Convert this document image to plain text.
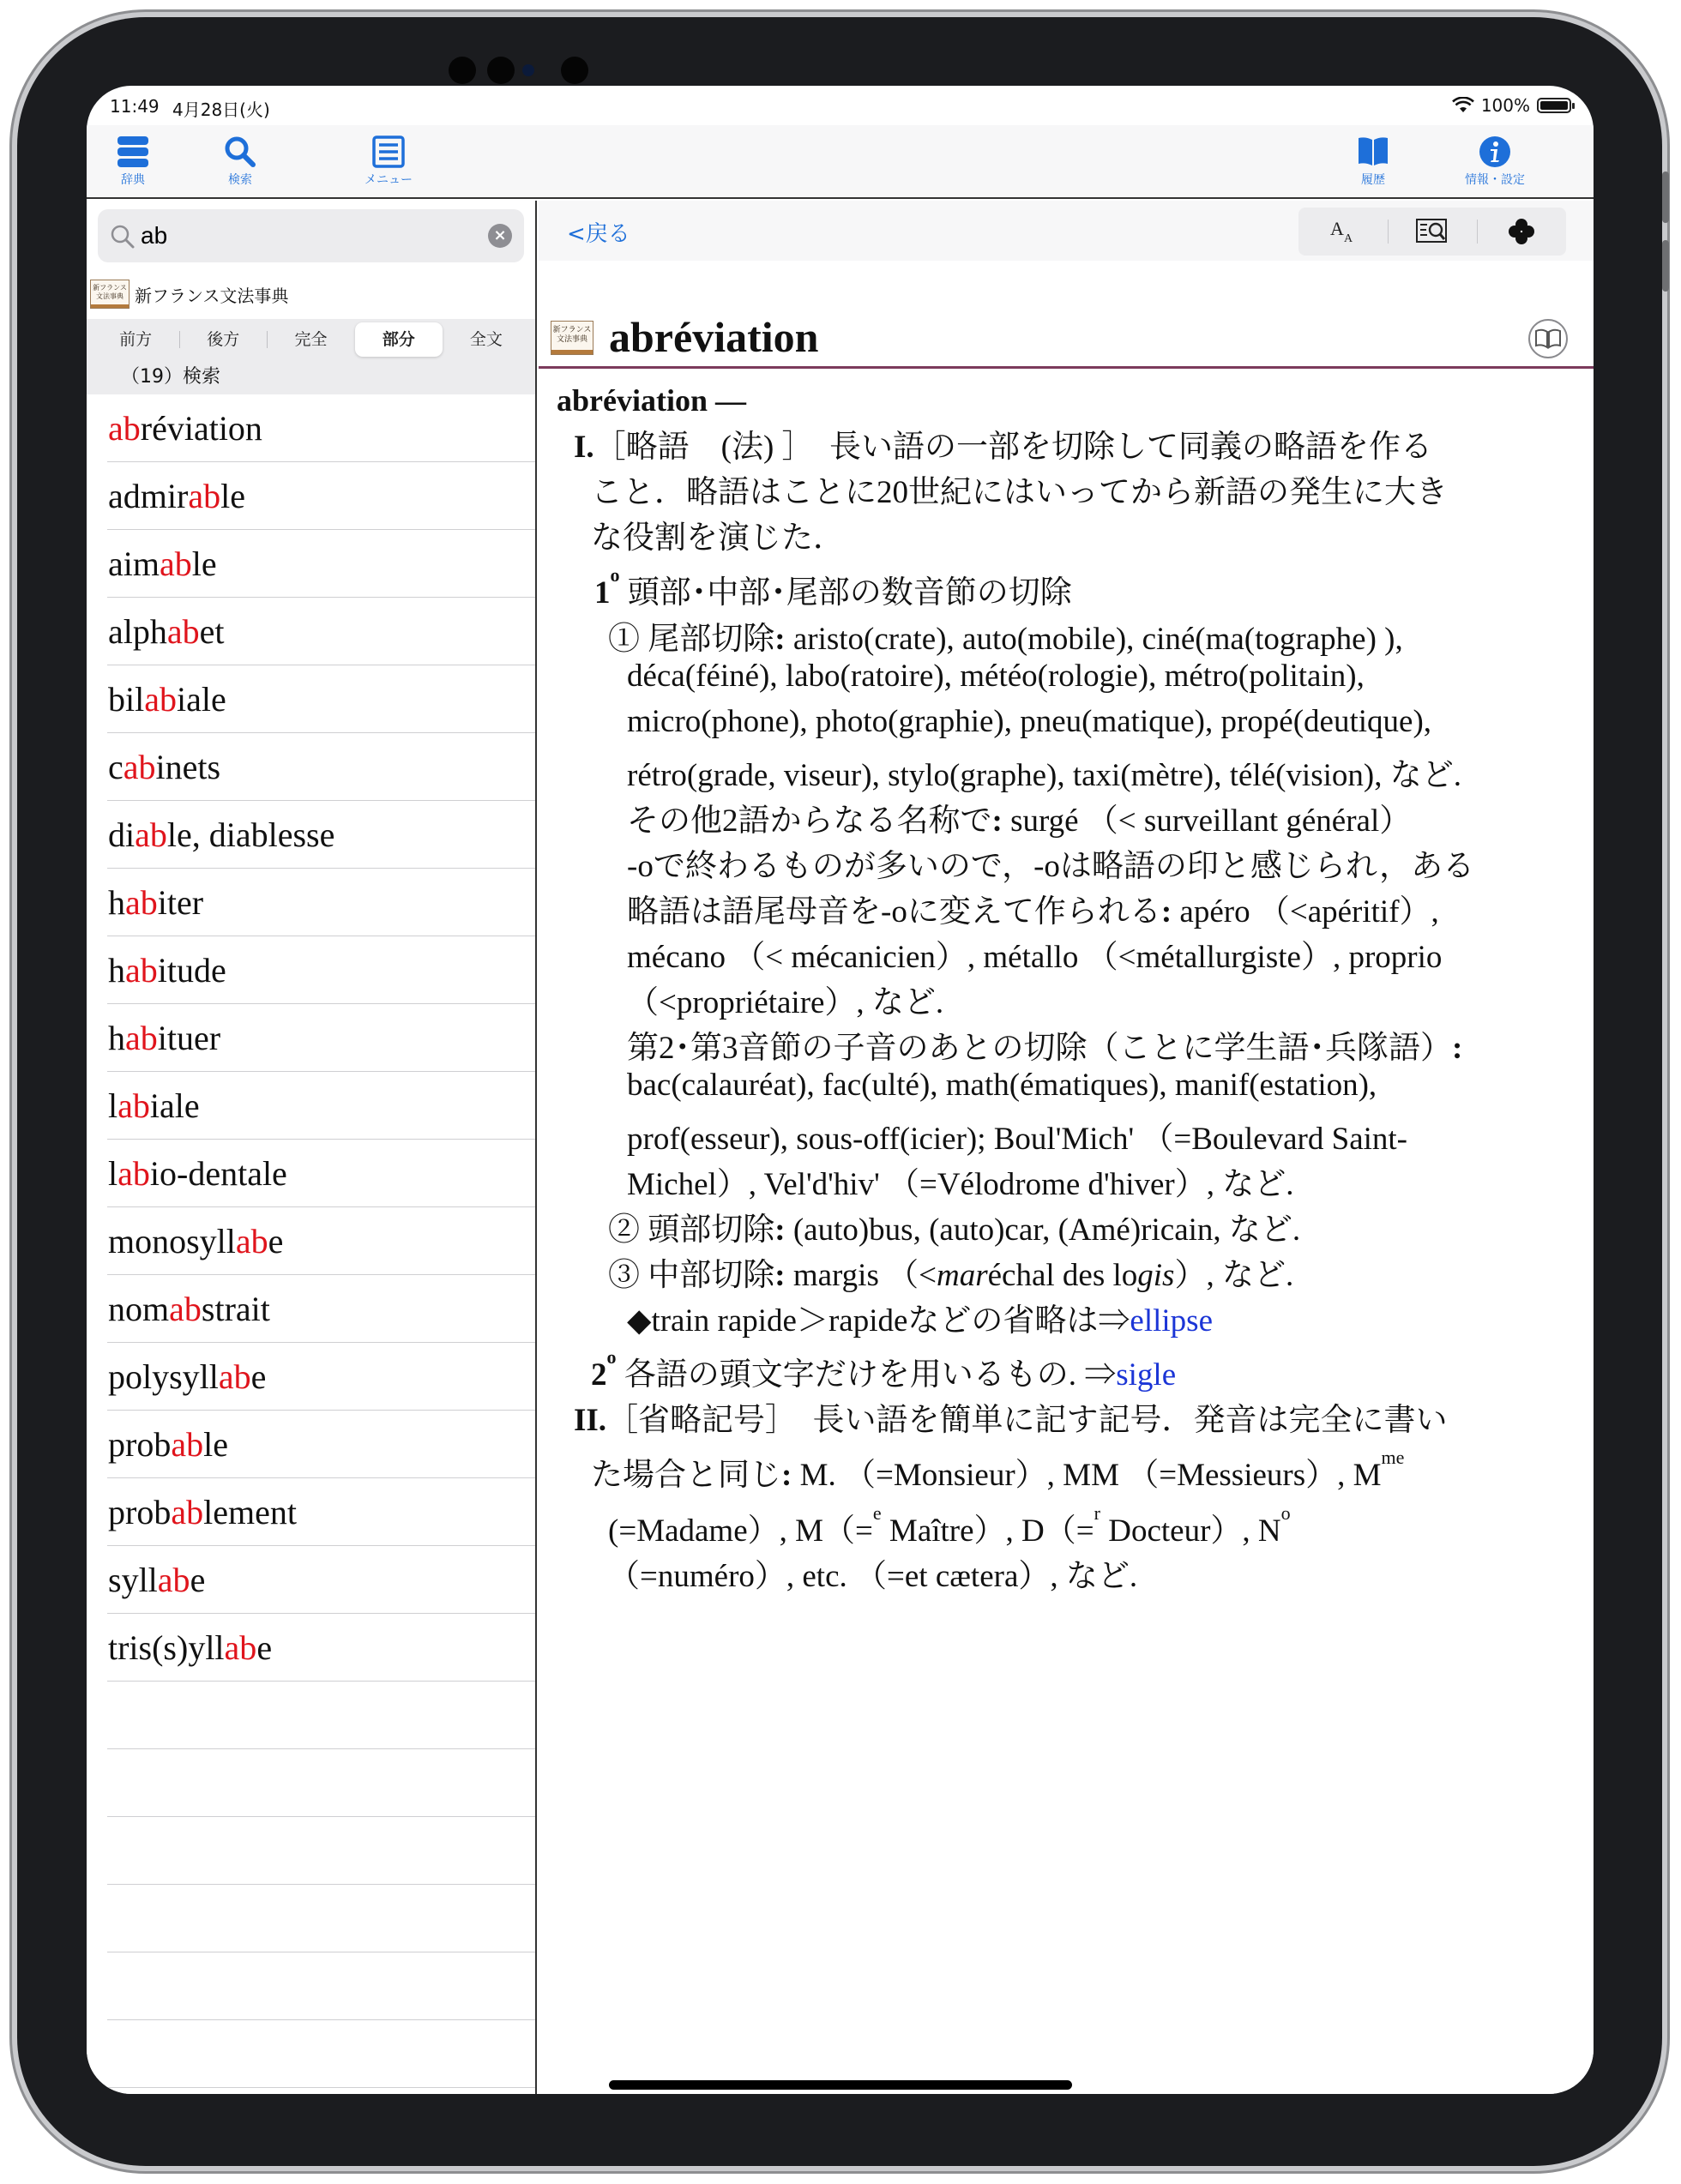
11:49 4月28日(火)	100%
辞典	検索	メニュー	履歴	情報・設定
ab
×
新フランス
文法事典 新フランス文法事典
前方	後方	完全	部分	全文
（19）検索
ab réviation
admir ab le
aim ab le
alph ab et
bil ab iale
c ab inets
di ab le, diablesse
h ab iter
h ab itude
h ab ituer
l ab iale
l ab io-dentale
monosyll ab e
nom ab strait
polysyll ab e
prob ab le
prob ab lement
syll ab e
tris(s)yll ab e
<戻る	A A
新フランス
文法事典 abréviation
abréviation —
I.［略語　(法) ］　長い語の一部を切除して同義の略語を作る
こと．略語はことに20世紀にはいってから新語の発生に大き
な役割を演じた．
1$^o$ 頭部･中部･尾部の数音節の切除
① 尾部切除: aristo(crate), auto(mobile), ciné(ma(tographe) ),
déca(féiné), labo(ratoire), météo(rologie), métro(politain),
micro(phone), photo(graphie), pneu(matique), propé(deutique),
rétro(grade, viseur), stylo(graphe), taxi(mètre), télé(vision), など.
その他2語からなる名称で: surgé （< surveillant général）
-oで終わるものが多いので，-oは略語の印と感じられ，ある
略語は語尾母音を-oに変えて作られる: apéro （<apéritif）,
mécano （< mécanicien）, métallo （<métallurgiste）, proprio
（<propriétaire）, など.
第2･第3音節の子音のあとの切除（ことに学生語･兵隊語）:
bac(calauréat), fac(ulté), math(ématiques), manif(estation),
prof(esseur), sous-off(icier); Boul'Mich' （=Boulevard Saint-
Michel）, Vel'd'hiv' （=Vélodrome d'hiver）, など.
② 頭部切除: (auto)bus, (auto)car, (Amé)ricain, など.
③ 中部切除: margis （<maréchal des logis）, など.
◆train rapide＞rapideなどの省略は⇒ellipse
2$^o$ 各語の頭文字だけを用いるもの. ⇒sigle
II.［省略記号］　長い語を簡単に記す記号．発音は完全に書い
た場合と同じ: M. （=Monsieur）, MM （=Messieurs）, $M^{me}$
(=Madame）, M（=$^e$ Maître）, D（=$^r$ Docteur）, $N^o$
（=numéro）, etc. （=et cætera）, など.
